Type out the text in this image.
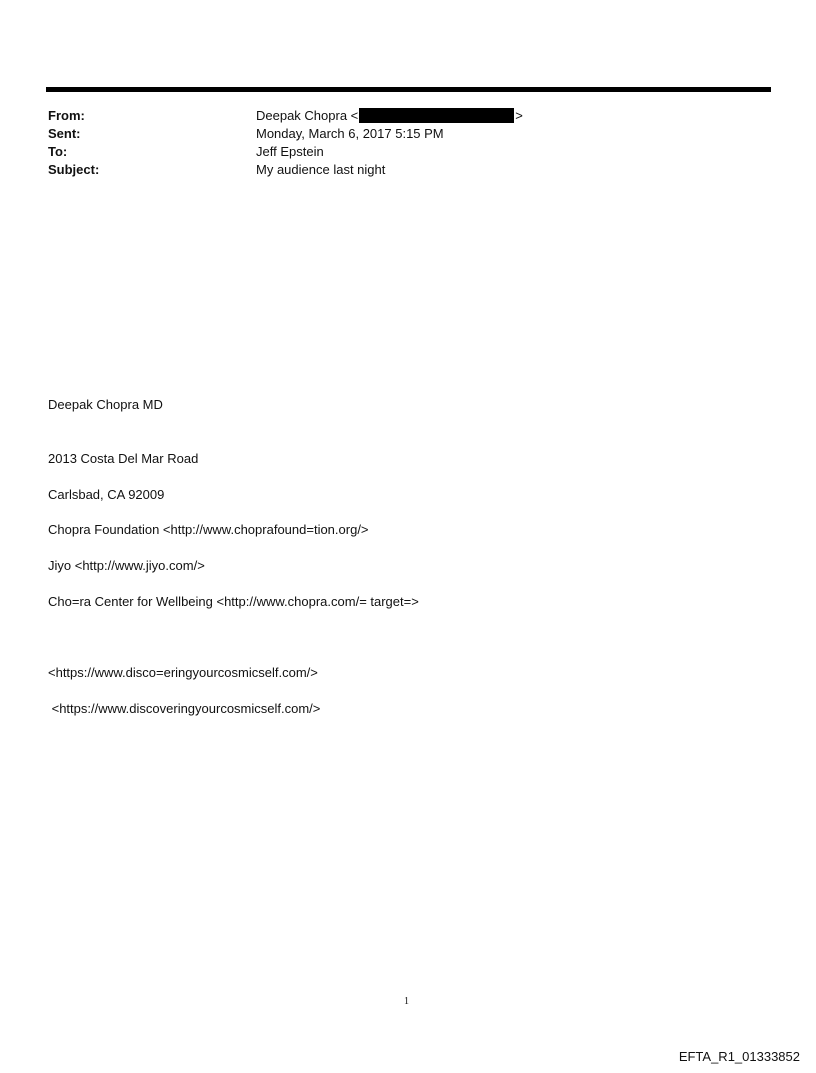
From:	Deepak Chopra <	>
Sent:	Monday, March 6, 2017 5:15 PM
To:	Jeff Epstein
Subject:	My audience last night
Deepak Chopra MD
2013 Costa Del Mar Road
Carlsbad, CA 92009
Chopra Foundation <http://www.choprafound=tion.org/>
Jiyo <http://www.jiyo.com/>
Cho=ra Center for Wellbeing <http://www.chopra.com/= target=>
<https://www.disco=eringyourcosmicself.com/>
<https://www.discoveringyourcosmicself.com/>
1
EFTA_R1_01333852
